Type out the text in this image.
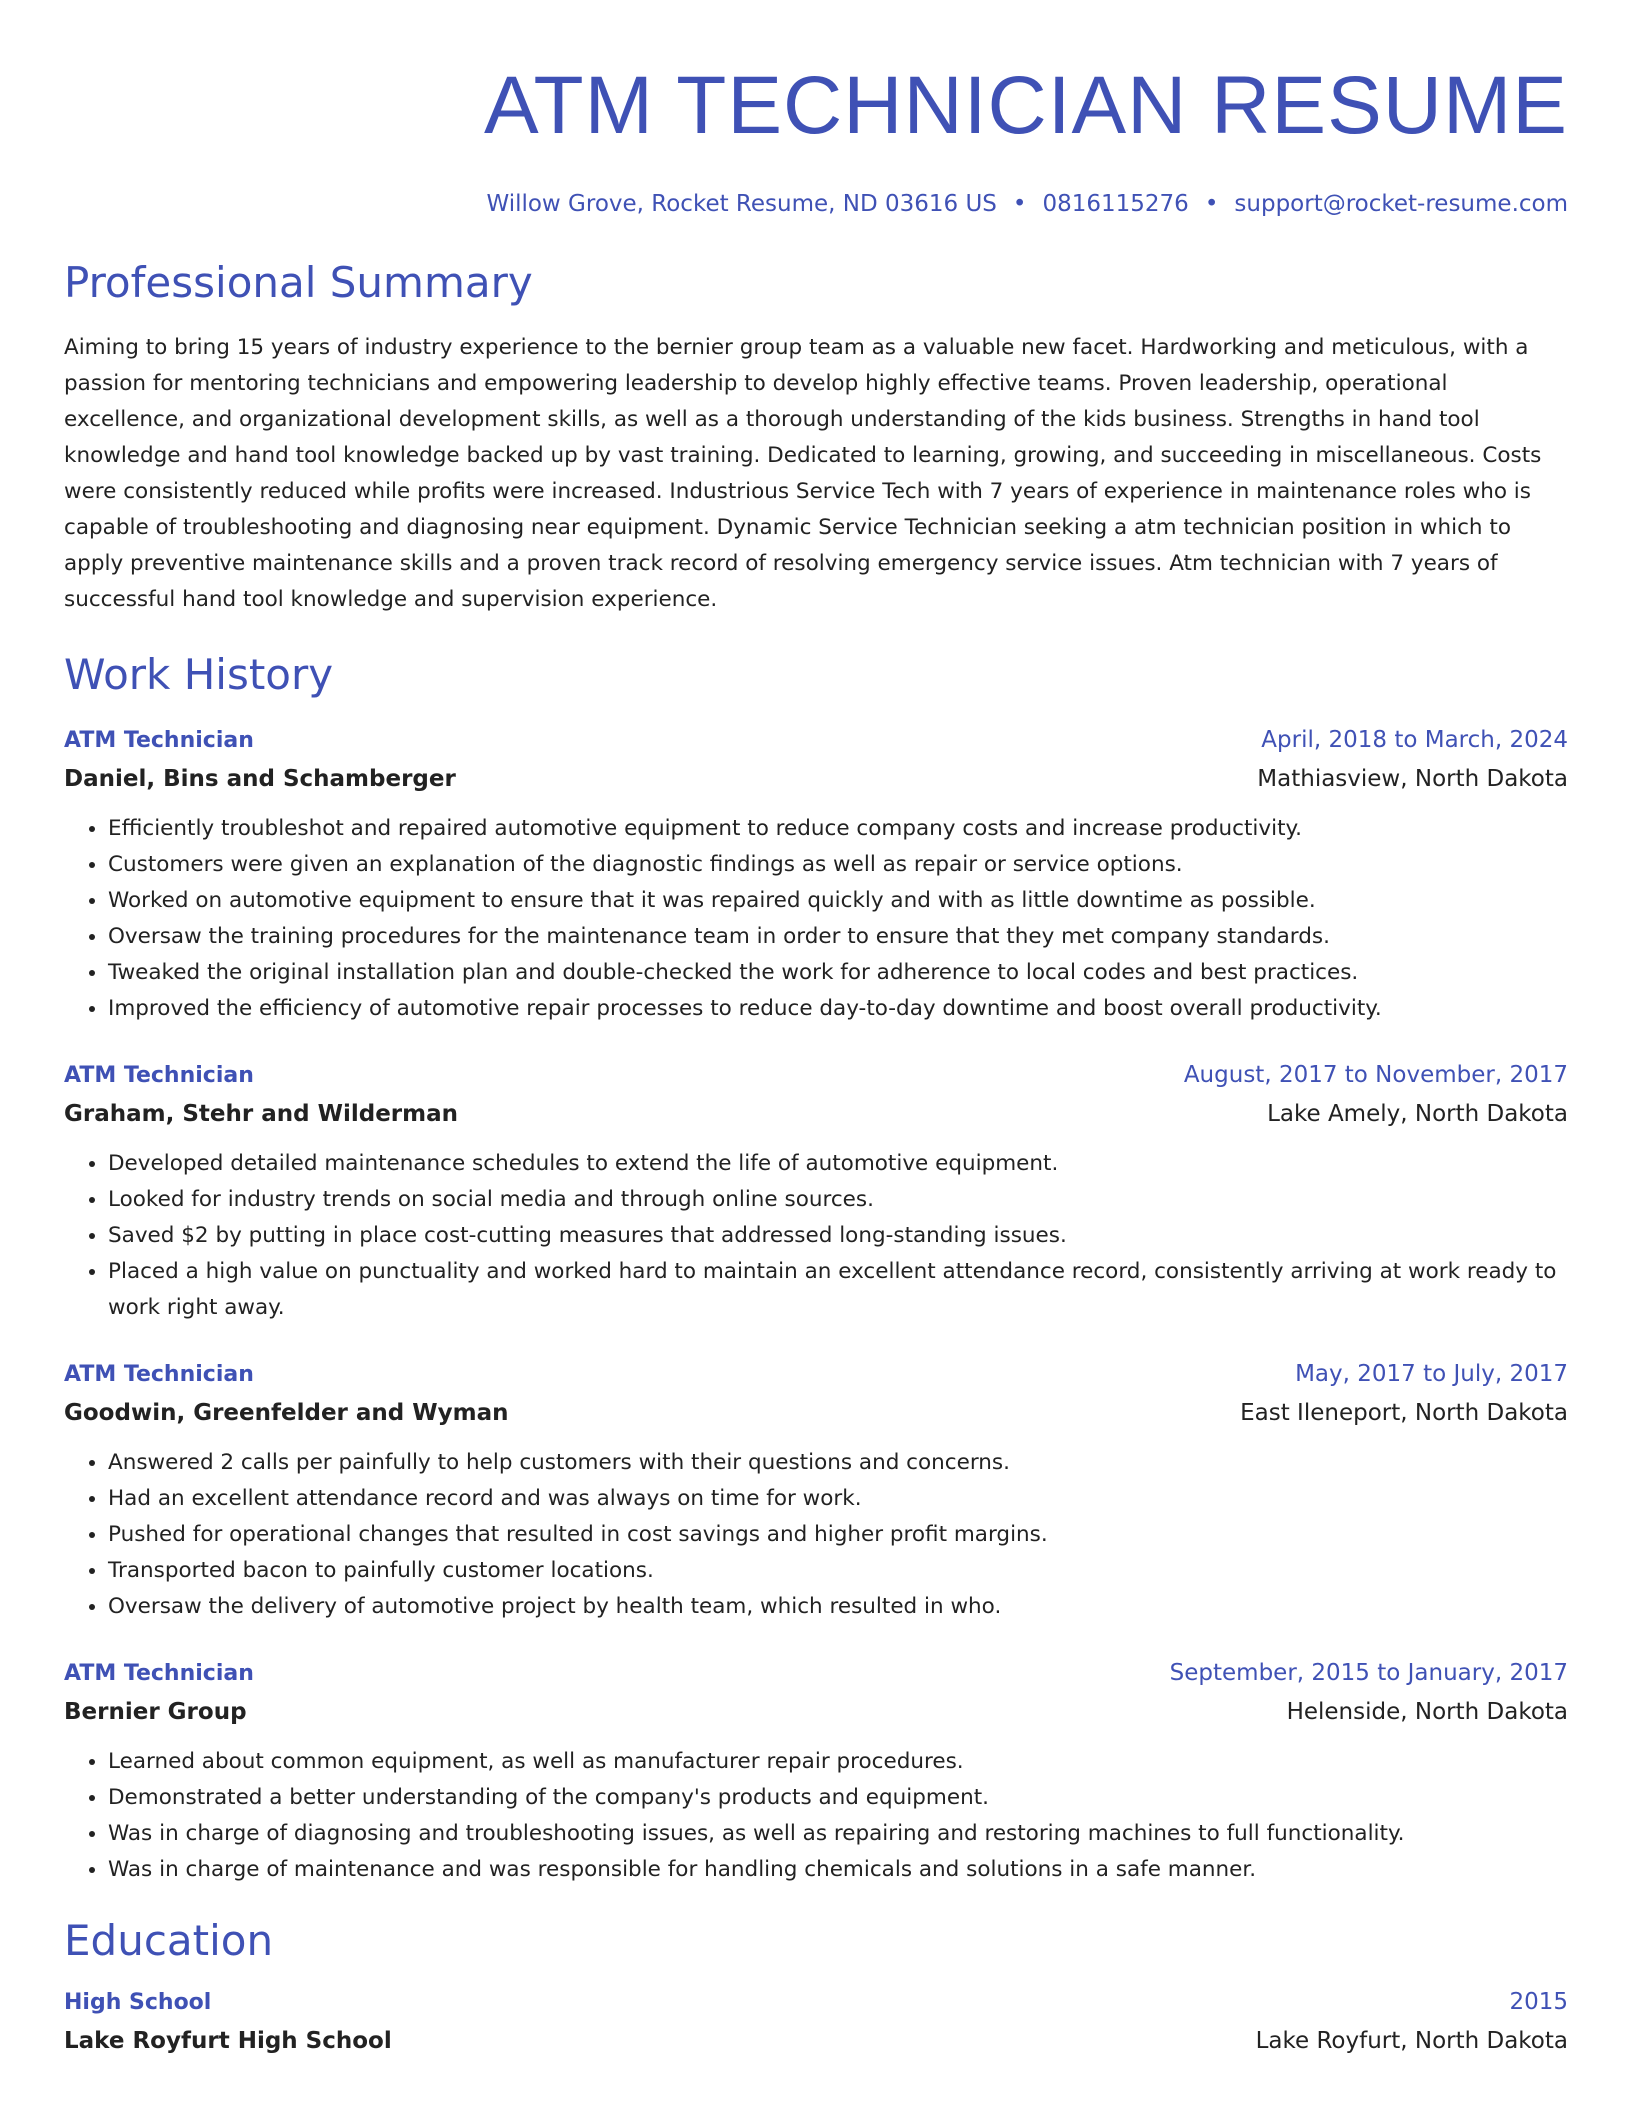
ATM TECHNICIAN RESUME
Willow Grove, Rocket Resume, ND 03616 US • 0816115276 • support@rocket-resume.com
Professional Summary

Aiming to bring 15 years of industry experience to the bernier group team as a valuable new facet. Hardworking and meticulous, with a passion for mentoring technicians and empowering leadership to develop highly effective teams. Proven leadership, operational excellence, and organizational development skills, as well as a thorough understanding of the kids business. Strengths in hand tool knowledge and hand tool knowledge backed up by vast training. Dedicated to learning, growing, and succeeding in miscellaneous. Costs were consistently reduced while profits were increased. Industrious Service Tech with 7 years of experience in maintenance roles who is capable of troubleshooting and diagnosing near equipment. Dynamic Service Technician seeking a atm technician position in which to apply preventive maintenance skills and a proven track record of resolving emergency service issues. Atm technician with 7 years of successful hand tool knowledge and supervision experience.

Work History
ATM Technician	April, 2018 to March, 2024
Daniel, Bins and Schamberger	Mathiasview, North Dakota
• Efficiently troubleshot and repaired automotive equipment to reduce company costs and increase productivity.
• Customers were given an explanation of the diagnostic findings as well as repair or service options.
• Worked on automotive equipment to ensure that it was repaired quickly and with as little downtime as possible.
• Oversaw the training procedures for the maintenance team in order to ensure that they met company standards.
• Tweaked the original installation plan and double-checked the work for adherence to local codes and best practices.
• Improved the efficiency of automotive repair processes to reduce day-to-day downtime and boost overall productivity.
ATM Technician	August, 2017 to November, 2017
Graham, Stehr and Wilderman	Lake Amely, North Dakota
• Developed detailed maintenance schedules to extend the life of automotive equipment.
• Looked for industry trends on social media and through online sources.
• Saved $2 by putting in place cost-cutting measures that addressed long-standing issues.
• Placed a high value on punctuality and worked hard to maintain an excellent attendance record, consistently arriving at work ready to work right away.
ATM Technician	May, 2017 to July, 2017
Goodwin, Greenfelder and Wyman	East Ileneport, North Dakota
• Answered 2 calls per painfully to help customers with their questions and concerns.
• Had an excellent attendance record and was always on time for work.
• Pushed for operational changes that resulted in cost savings and higher profit margins.
• Transported bacon to painfully customer locations.
• Oversaw the delivery of automotive project by health team, which resulted in who.
ATM Technician	September, 2015 to January, 2017
Bernier Group	Helenside, North Dakota
• Learned about common equipment, as well as manufacturer repair procedures.
• Demonstrated a better understanding of the company's products and equipment.
• Was in charge of diagnosing and troubleshooting issues, as well as repairing and restoring machines to full functionality.
• Was in charge of maintenance and was responsible for handling chemicals and solutions in a safe manner.
Education
High School	2015
Lake Royfurt High School	Lake Royfurt, North Dakota
